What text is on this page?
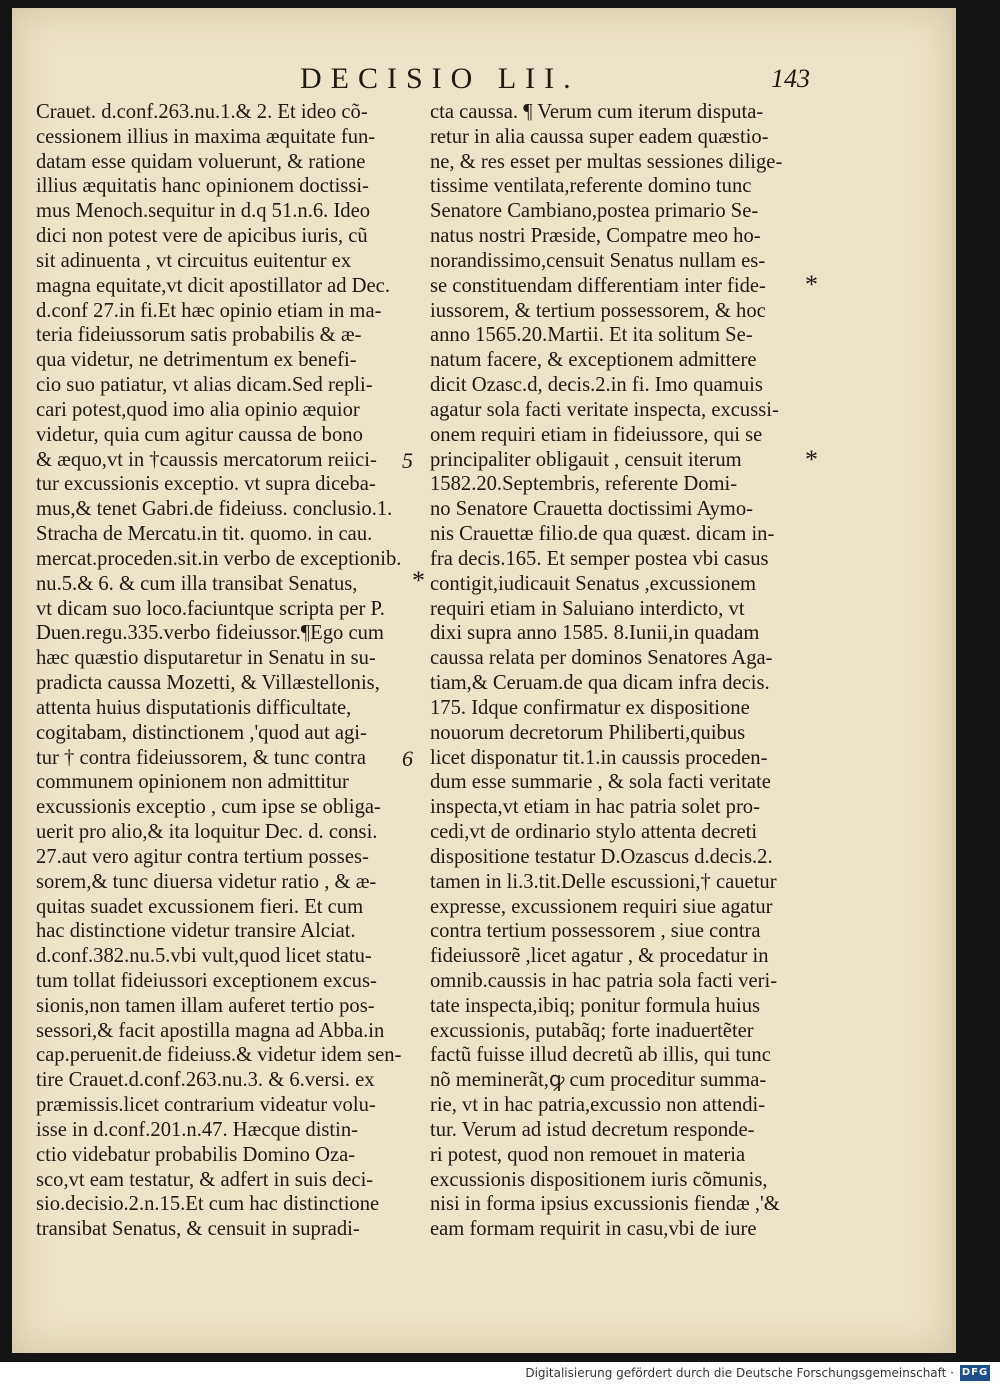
DECISIO LII.	143
Crauet. d.conf.263.nu.1.& 2. Et ideo cõ-
cessionem illius in maxima æquitate fun-
datam esse quidam voluerunt, & ratione
illius æquitatis hanc opinionem doctissi-
mus Menoch.sequitur in d.q 51.n.6. Ideo
dici non potest vere de apicibus iuris, cũ
sit adinuenta , vt circuitus euitentur ex
magna equitate,vt dicit apostillator ad Dec.
d.conf 27.in fi.Et hæc opinio etiam in ma-
teria fideiussorum satis probabilis & æ-
qua videtur, ne detrimentum ex benefi-
cio suo patiatur, vt alias dicam.Sed repli-
cari potest,quod imo alia opinio æquior
videtur, quia cum agitur caussa de bono
& æquo,vt in †caussis mercatorum reiici-
tur excussionis exceptio. vt supra diceba-
mus,& tenet Gabri.de fideiuss. conclusio.1.
Stracha de Mercatu.in tit. quomo. in cau.
mercat.proceden.sit.in verbo de exceptionib.
nu.5.& 6. & cum illa transibat Senatus,
vt dicam suo loco.faciuntque scripta per P.
Duen.regu.335.verbo fideiussor.¶Ego cum
hæc quæstio disputaretur in Senatu in su-
pradicta caussa Mozetti, & Villæstellonis,
attenta huius disputationis difficultate,
cogitabam, distinctionem ,'quod aut agi-
tur † contra fideiussorem, & tunc contra
communem opinionem non admittitur
excussionis exceptio , cum ipse se obliga-
uerit pro alio,& ita loquitur Dec. d. consi.
27.aut vero agitur contra tertium posses-
sorem,& tunc diuersa videtur ratio , & æ-
quitas suadet excussionem fieri. Et cum
hac distinctione videtur transire Alciat.
d.conf.382.nu.5.vbi vult,quod licet statu-
tum tollat fideiussori exceptionem excus-
sionis,non tamen illam auferet tertio pos-
sessori,& facit apostilla magna ad Abba.in
cap.peruenit.de fideiuss.& videtur idem sen-
tire Crauet.d.conf.263.nu.3. & 6.versi. ex
præmissis.licet contrarium videatur volu-
isse in d.conf.201.n.47. Hæcque distin-
ctio videbatur probabilis Domino Oza-
sco,vt eam testatur, & adfert in suis deci-
sio.decisio.2.n.15.Et cum hac distinctione
transibat Senatus, & censuit in supradi-
cta caussa. ¶ Verum cum iterum disputa-
retur in alia caussa super eadem quæstio-
ne, & res esset per multas sessiones dilige-
tissime ventilata,referente domino tunc
Senatore Cambiano,postea primario Se-
natus nostri Præside, Compatre meo ho-
norandissimo,censuit Senatus nullam es-
se constituendam differentiam inter fide-
iussorem, & tertium possessorem, & hoc
anno 1565.20.Martii. Et ita solitum Se-
natum facere, & exceptionem admittere
dicit Ozasc.d, decis.2.in fi. Imo quamuis
agatur sola facti veritate inspecta, excussi-
onem requiri etiam in fideiussore, qui se
principaliter obligauit , censuit iterum
1582.20.Septembris, referente Domi-
no Senatore Crauetta doctissimi Aymo-
nis Crauettæ filio.de qua quæst. dicam in-
fra decis.165. Et semper postea vbi casus
contigit,iudicauit Senatus ,excussionem
requiri etiam in Saluiano interdicto, vt
dixi supra anno 1585. 8.Iunii,in quadam
caussa relata per dominos Senatores Aga-
tiam,& Ceruam.de qua dicam infra decis.
175. Idque confirmatur ex dispositione
nouorum decretorum Philiberti,quibus
licet disponatur tit.1.in caussis proceden-
dum esse summarie , & sola facti veritate
inspecta,vt etiam in hac patria solet pro-
cedi,vt de ordinario stylo attenta decreti
dispositione testatur D.Ozascus d.decis.2.
tamen in li.3.tit.Delle escussioni,† cauetur
expresse, excussionem requiri siue agatur
contra tertium possessorem , siue contra
fideiussorẽ ,licet agatur , & procedatur in
omnib.caussis in hac patria sola facti veri-
tate inspecta,ibiq; ponitur formula huius
excussionis, putabãq; forte inaduertẽter
factũ fuisse illud decretũ ab illis, qui tunc
nõ meminerãt,ꝙ cum proceditur summa-
rie, vt in hac patria,excussio non attendi-
tur. Verum ad istud decretum responde-
ri potest, quod non remouet in materia
excussionis dispositionem iuris cõmunis,
nisi in forma ipsius excussionis fiendæ ,'&
eam formam requirit in casu,vbi de iure
5
6
*
*
*
Digitalisierung gefördert durch die Deutsche Forschungsgemeinschaft · DFG
